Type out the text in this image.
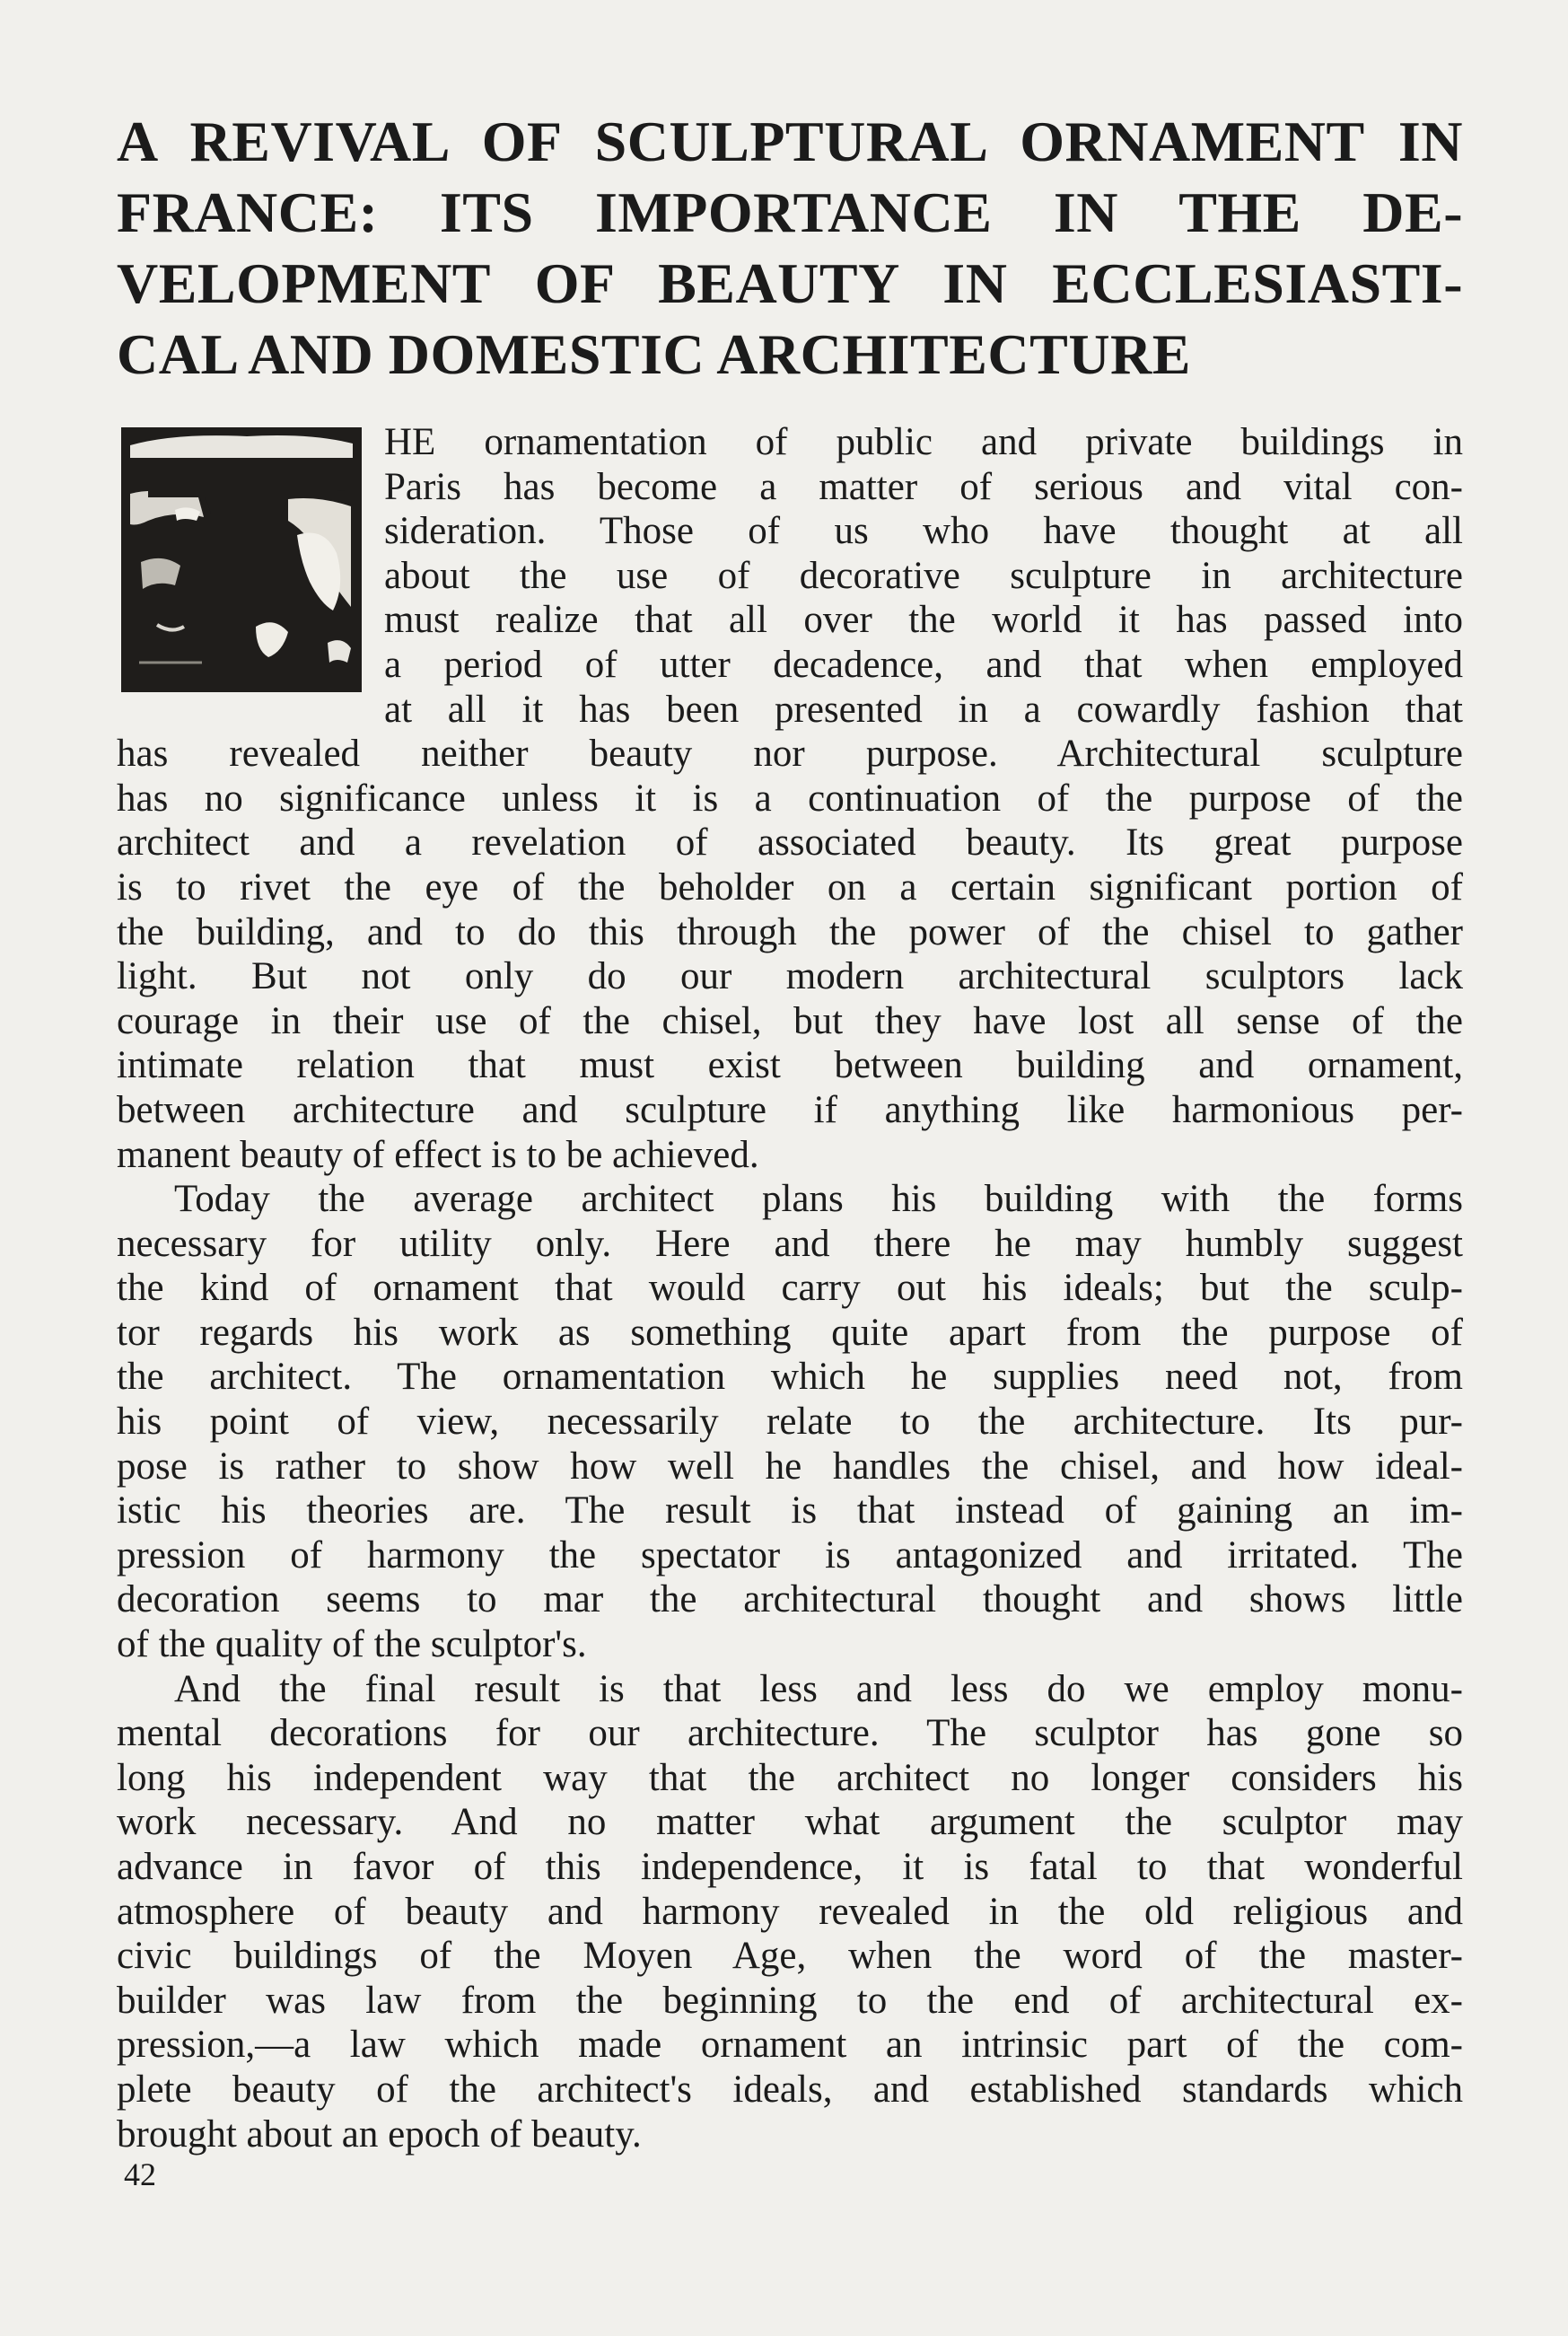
A REVIVAL OF SCULPTURAL ORNAMENT IN
FRANCE: ITS IMPORTANCE IN THE DE-
VELOPMENT OF BEAUTY IN ECCLESIASTI-
CAL AND DOMESTIC ARCHITECTURE
HE ornamentation of public and private buildings in
Paris has become a matter of serious and vital con-
sideration. Those of us who have thought at all
about the use of decorative sculpture in architecture
must realize that all over the world it has passed into
a period of utter decadence, and that when employed
at all it has been presented in a cowardly fashion that
has revealed neither beauty nor purpose. Architectural sculpture
has no significance unless it is a continuation of the purpose of the
architect and a revelation of associated beauty. Its great purpose
is to rivet the eye of the beholder on a certain significant portion of
the building, and to do this through the power of the chisel to gather
light. But not only do our modern architectural sculptors lack
courage in their use of the chisel, but they have lost all sense of the
intimate relation that must exist between building and ornament,
between architecture and sculpture if anything like harmonious per-
manent beauty of effect is to be achieved.
Today the average architect plans his building with the forms
necessary for utility only. Here and there he may humbly suggest
the kind of ornament that would carry out his ideals; but the sculp-
tor regards his work as something quite apart from the purpose of
the architect. The ornamentation which he supplies need not, from
his point of view, necessarily relate to the architecture. Its pur-
pose is rather to show how well he handles the chisel, and how ideal-
istic his theories are. The result is that instead of gaining an im-
pression of harmony the spectator is antagonized and irritated. The
decoration seems to mar the architectural thought and shows little
of the quality of the sculptor's.
And the final result is that less and less do we employ monu-
mental decorations for our architecture. The sculptor has gone so
long his independent way that the architect no longer considers his
work necessary. And no matter what argument the sculptor may
advance in favor of this independence, it is fatal to that wonderful
atmosphere of beauty and harmony revealed in the old religious and
civic buildings of the Moyen Age, when the word of the master-
builder was law from the beginning to the end of architectural ex-
pression,—a law which made ornament an intrinsic part of the com-
plete beauty of the architect's ideals, and established standards which
brought about an epoch of beauty.
42
